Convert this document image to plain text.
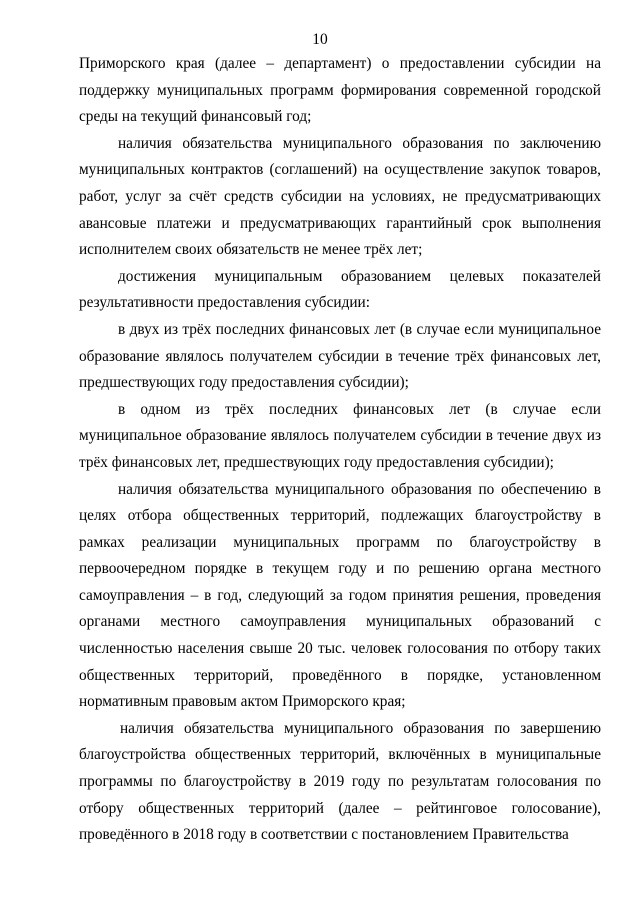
10

Приморского края (далее – департамент) о предоставлении субсидии на поддержку муниципальных программ формирования современной городской среды на текущий финансовый год;

наличия обязательства муниципального образования по заключению муниципальных контрактов (соглашений) на осуществление закупок товаров, работ, услуг за счёт средств субсидии на условиях, не предусматривающих авансовые платежи и предусматривающих гарантийный срок выполнения исполнителем своих обязательств не менее трёх лет;

достижения муниципальным образованием целевых показателей результативности предоставления субсидии:

в двух из трёх последних финансовых лет (в случае если муниципальное образование являлось получателем субсидии в течение трёх финансовых лет, предшествующих году предоставления субсидии);

в одном из трёх последних финансовых лет (в случае если муниципальное образование являлось получателем субсидии в течение двух из трёх финансовых лет, предшествующих году предоставления субсидии);

наличия обязательства муниципального образования по обеспечению в целях отбора общественных территорий, подлежащих благоустройству в рамках реализации муниципальных программ по благоустройству в первоочередном порядке в текущем году и по решению органа местного самоуправления – в год, следующий за годом принятия решения, проведения органами местного самоуправления муниципальных образований с численностью населения свыше 20 тыс. человек голосования по отбору таких общественных территорий, проведённого в порядке, установленном нормативным правовым актом Приморского края;

наличия обязательства муниципального образования по завершению благоустройства общественных территорий, включённых в муниципальные программы по благоустройству в 2019 году по результатам голосования по отбору общественных территорий (далее – рейтинговое голосование), проведённого в 2018 году в соответствии с постановлением Правительства
